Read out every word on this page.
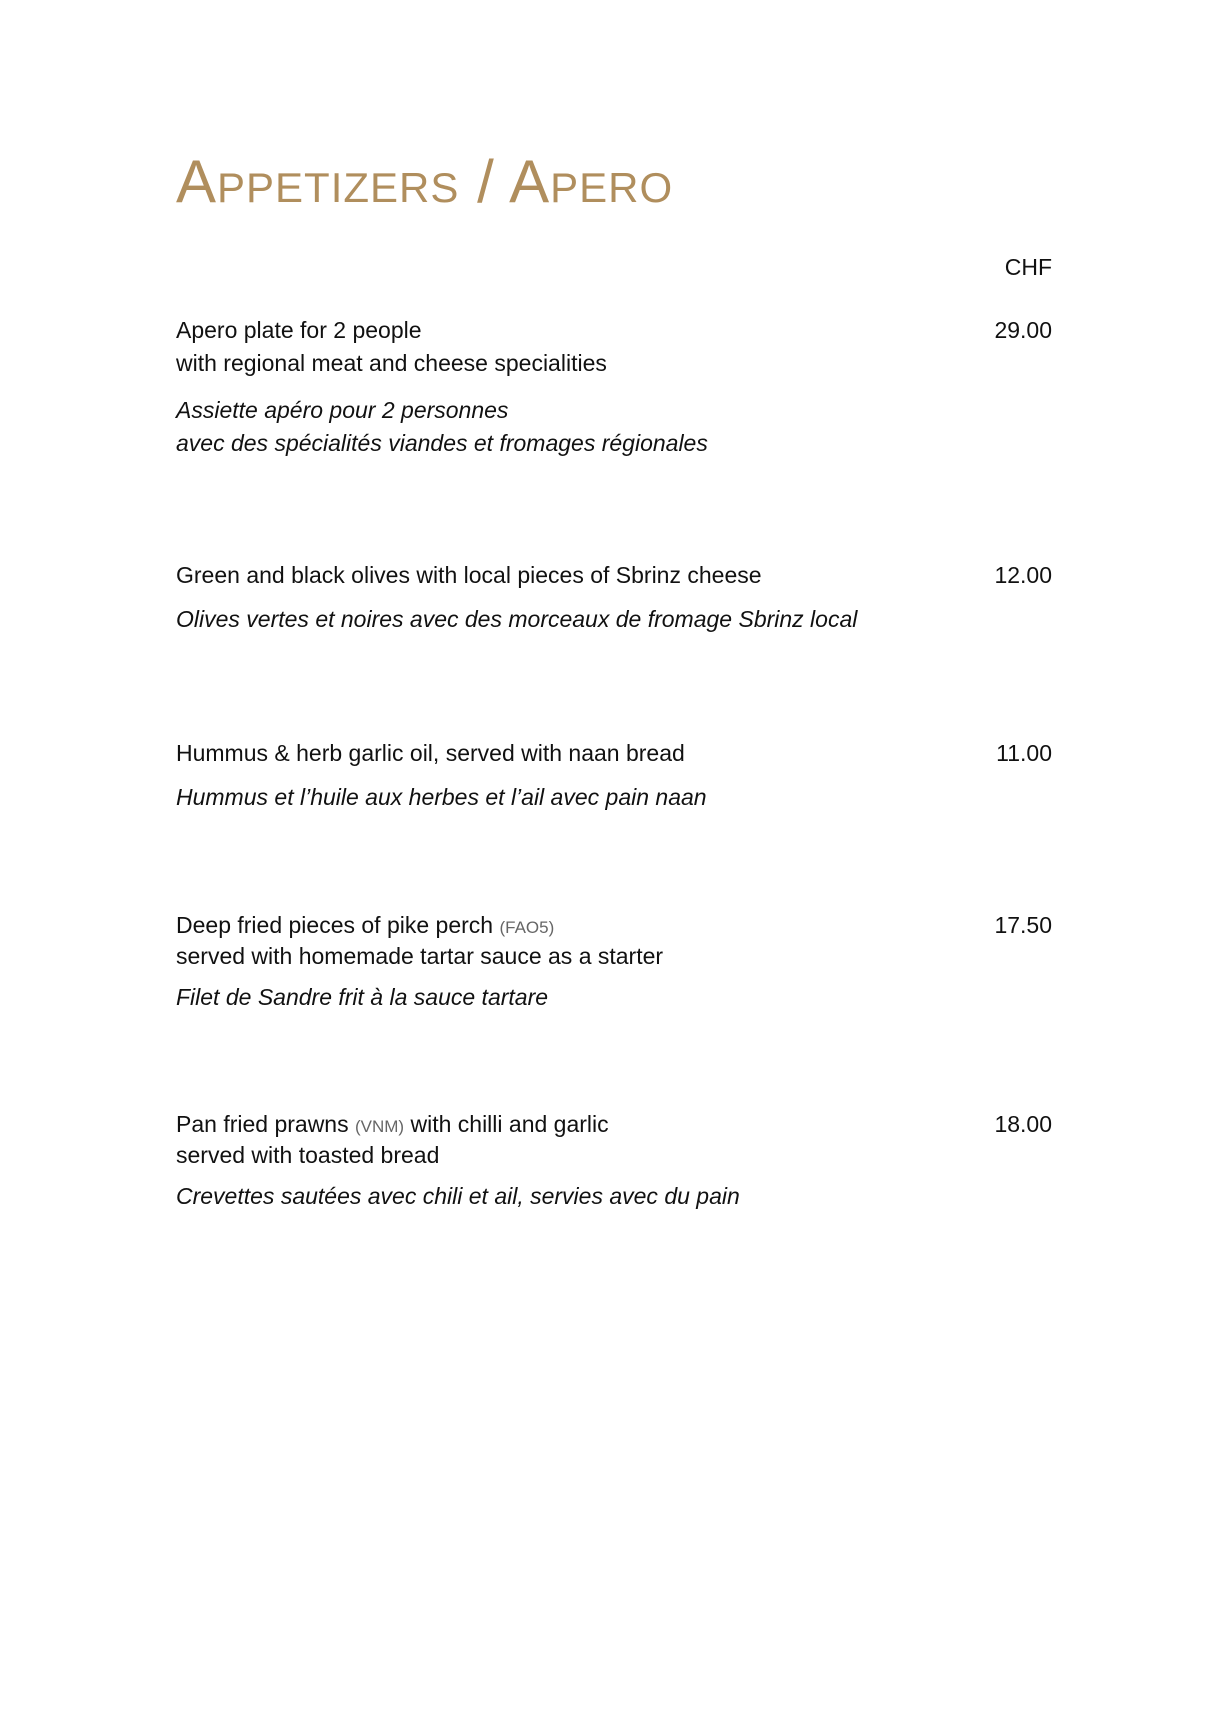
Appetizers / Apero
CHF
Apero plate for 2 people
with regional meat and cheese specialities
29.00
Assiette apéro pour 2 personnes
avec des spécialités viandes et fromages régionales
Green and black olives with local pieces of Sbrinz cheese	12.00
Olives vertes et noires avec des morceaux de fromage Sbrinz local
Hummus & herb garlic oil, served with naan bread	11.00
Hummus et l’huile aux herbes et l’ail avec pain naan
Deep fried pieces of pike perch (FAO5)
served with homemade tartar sauce as a starter
17.50
Filet de Sandre frit à la sauce tartare
Pan fried prawns (VNM) with chilli and garlic
served with toasted bread
18.00
Crevettes sautées avec chili et ail, servies avec du pain
